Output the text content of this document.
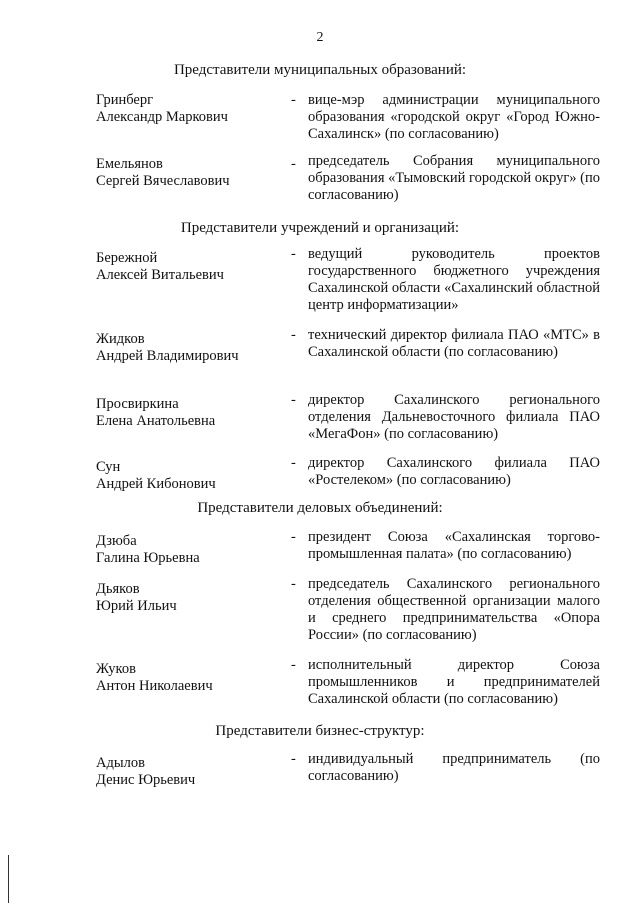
2
Представители муниципальных образований:
Гринберг
Александр Маркович
- вице-мэр администрации муниципального образования «городской округ «Город Южно-Сахалинск» (по согласованию)
Емельянов
Сергей Вячеславович
- председатель Собрания муниципального образования «Тымовский городской округ» (по согласованию)
Представители учреждений и организаций:
Бережной
Алексей Витальевич
- ведущий руководитель проектов государственного бюджетного учреждения Сахалинской области «Сахалинский областной центр информатизации»
Жидков
Андрей Владимирович
- технический директор филиала ПАО «МТС» в Сахалинской области (по согласованию)
Просвиркина
Елена Анатольевна
- директор Сахалинского регионального отделения Дальневосточного филиала ПАО «МегаФон» (по согласованию)
Сун
Андрей Кибонович
- директор Сахалинского филиала ПАО «Ростелеком» (по согласованию)
Представители деловых объединений:
Дзюба
Галина Юрьевна
- президент Союза «Сахалинская торгово-промышленная палата» (по согласованию)
Дьяков
Юрий Ильич
- председатель Сахалинского регионального отделения общественной организации малого и среднего предпринимательства «Опора России» (по согласованию)
Жуков
Антон Николаевич
- исполнительный директор Союза промышленников и предпринимателей Сахалинской области (по согласованию)
Представители бизнес-структур:
Адылов
Денис Юрьевич
- индивидуальный предприниматель (по согласованию)
